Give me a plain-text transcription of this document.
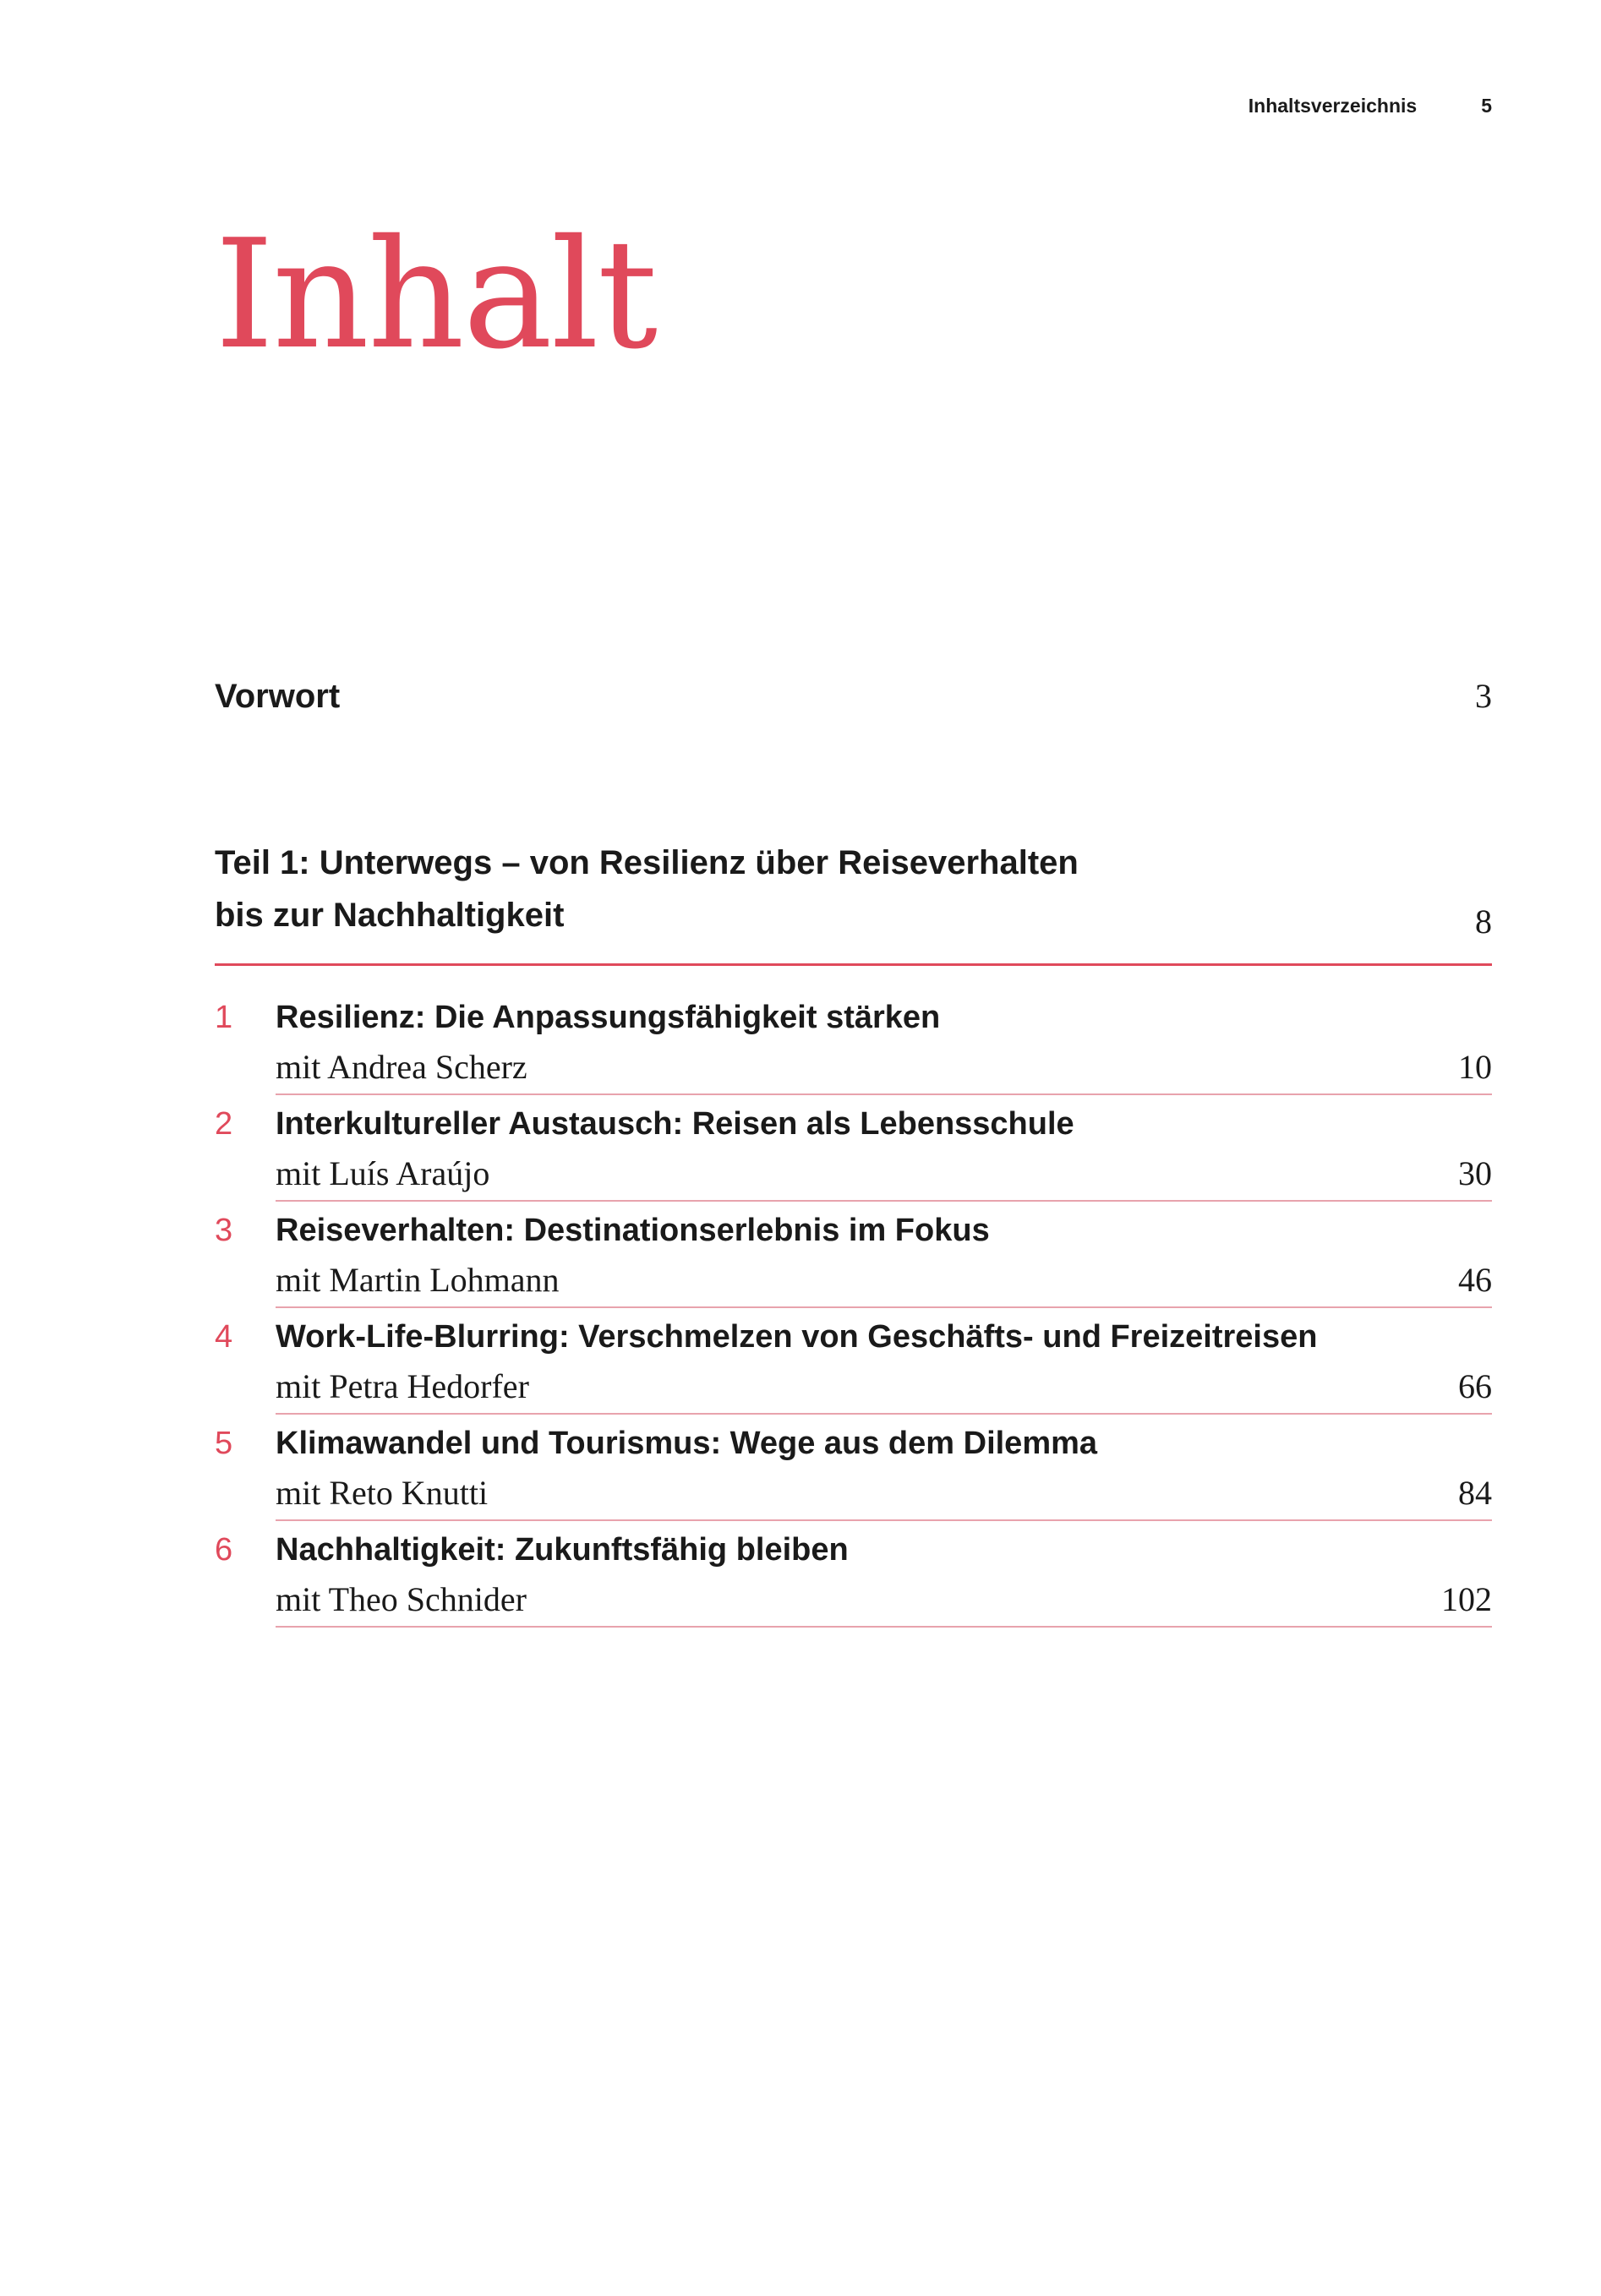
Inhaltsverzeichnis	5
Inhalt
Vorwort	3
Teil 1: Unterwegs – von Resilienz über Reiseverhalten
bis zur Nachhaltigkeit	8
1	Resilienz: Die Anpassungsfähigkeit stärken
mit Andrea Scherz	10
2	Interkultureller Austausch: Reisen als Lebensschule
mit Luís Araújo	30
3	Reiseverhalten: Destinationserlebnis im Fokus
mit Martin Lohmann	46
4	Work-Life-Blurring: Verschmelzen von Geschäfts- und Freizeitreisen
mit Petra Hedorfer	66
5	Klimawandel und Tourismus: Wege aus dem Dilemma
mit Reto Knutti	84
6	Nachhaltigkeit: Zukunftsfähig bleiben
mit Theo Schnider	102
